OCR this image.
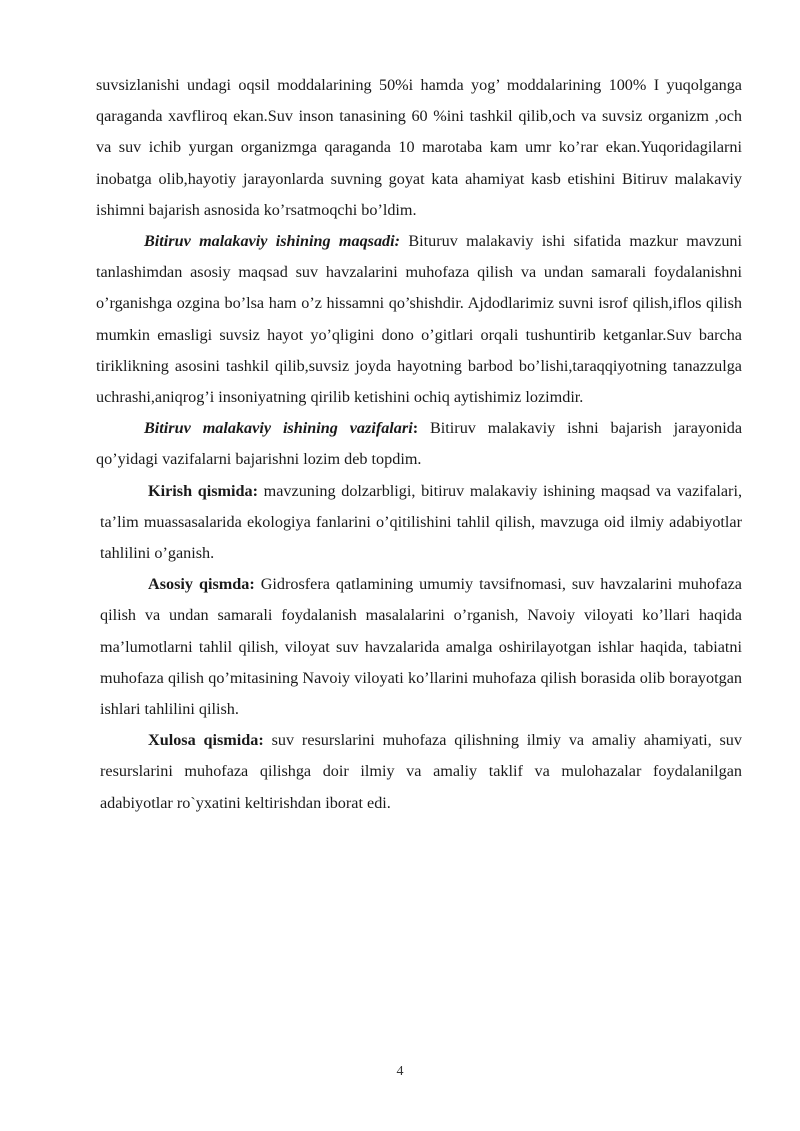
suvsizlanishi undagi oqsil moddalarining 50%i hamda yog’ moddalarining 100% I yuqolganga qaraganda xavfliroq ekan.Suv inson tanasining 60 %ini tashkil qilib,och va suvsiz organizm ,och va suv ichib yurgan organizmga qaraganda 10 marotaba kam umr ko’rar ekan.Yuqoridagilarni inobatga olib,hayotiy jarayonlarda suvning goyat kata ahamiyat kasb etishini Bitiruv malakaviy ishimni bajarish asnosida ko’rsatmoqchi bo’ldim.

Bitiruv malakaviy ishining maqsadi: Bituruv malakaviy ishi sifatida mazkur mavzuni tanlashimdan asosiy maqsad suv havzalarini muhofaza qilish va undan samarali foydalanishni o’rganishga ozgina bo’lsa ham o’z hissamni qo’shishdir. Ajdodlarimiz suvni isrof qilish,iflos qilish mumkin emasligi suvsiz hayot yo’qligini dono o’gitlari orqali tushuntirib ketganlar.Suv barcha tiriklikning asosini tashkil qilib,suvsiz joyda hayotning barbod bo’lishi,taraqqiyotning tanazzulga uchrashi,aniqrog’i insoniyatning qirilib ketishini ochiq aytishimiz lozimdir.

Bitiruv malakaviy ishining vazifalari: Bitiruv malakaviy ishni bajarish jarayonida qo’yidagi vazifalarni bajarishni lozim deb topdim.

Kirish qismida: mavzuning dolzarbligi, bitiruv malakaviy ishining maqsad va vazifalari, ta’lim muassasalarida ekologiya fanlarini o’qitilishini tahlil qilish, mavzuga oid ilmiy adabiyotlar tahlilini o’ganish.

Asosiy qismda: Gidrosfera qatlamining umumiy tavsifnomasi, suv havzalarini muhofaza qilish va undan samarali foydalanish masalalarini o’rganish, Navoiy viloyati ko’llari haqida ma’lumotlarni tahlil qilish, viloyat suv havzalarida amalga oshirilayotgan ishlar haqida, tabiatni muhofaza qilish qo’mitasining Navoiy viloyati ko’llarini muhofaza qilish borasida olib borayotgan ishlari tahlilini qilish.

Xulosa qismida: suv resurslarini muhofaza qilishning ilmiy va amaliy ahamiyati, suv resurslarini muhofaza qilishga doir ilmiy va amaliy taklif va mulohazalar foydalanilgan adabiyotlar ro`yxatini keltirishdan iborat edi.

4
